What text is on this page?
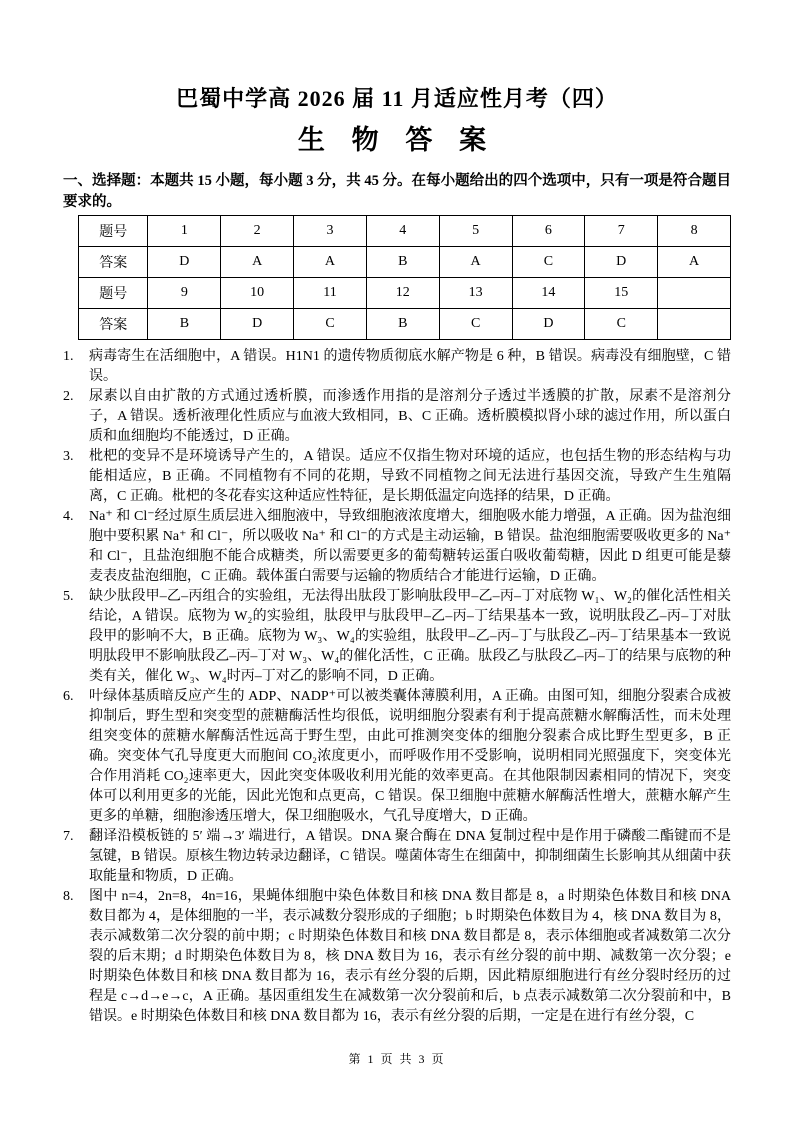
巴蜀中学高 2026 届 11 月适应性月考（四）
生 物 答 案

一、选择题：本题共 15 小题，每小题 3 分，共 45 分。在每小题给出的四个选项中，只有一项是符合题目要求的。

题号	1	2	3	4	5	6	7	8
答案	D	A	A	B	A	C	D	A
题号	9	10	11	12	13	14	15	
答案	B	D	C	B	C	D	C	
1. 病毒寄生在活细胞中，A 错误。H1N1 的遗传物质彻底水解产物是 6 种，B 错误。病毒没有细胞壁，C 错误。
2. 尿素以自由扩散的方式通过透析膜，而渗透作用指的是溶剂分子透过半透膜的扩散，尿素不是溶剂分子，A 错误。透析液理化性质应与血液大致相同，B、C 正确。透析膜模拟肾小球的滤过作用，所以蛋白质和血细胞均不能透过，D 正确。
3. 枇杷的变异不是环境诱导产生的，A 错误。适应不仅指生物对环境的适应，也包括生物的形态结构与功能相适应，B 正确。不同植物有不同的花期，导致不同植物之间无法进行基因交流，导致产生生殖隔离，C 正确。枇杷的冬花春实这种适应性特征，是长期低温定向选择的结果，D 正确。
4. Na⁺ 和 Cl⁻经过原生质层进入细胞液中，导致细胞液浓度增大，细胞吸水能力增强，A 正确。因为盐泡细胞中要积累 Na⁺ 和 Cl⁻，所以吸收 Na⁺ 和 Cl⁻的方式是主动运输，B 错误。盐泡细胞需要吸收更多的 Na⁺ 和 Cl⁻，且盐泡细胞不能合成糖类，所以需要更多的葡萄糖转运蛋白吸收葡萄糖，因此 D 组更可能是藜麦表皮盐泡细胞，C 正确。载体蛋白需要与运输的物质结合才能进行运输，D 正确。
5. 缺少肽段甲–乙–丙组合的实验组，无法得出肽段丁影响肽段甲–乙–丙–丁对底物 W₁、W₂的催化活性相关结论，A 错误。底物为 W₂的实验组，肽段甲与肽段甲–乙–丙–丁结果基本一致，说明肽段乙–丙–丁对肽段甲的影响不大，B 正确。底物为 W₃、W₄的实验组，肽段甲–乙–丙–丁与肽段乙–丙–丁结果基本一致说明肽段甲不影响肽段乙–丙–丁对 W₃、W₄的催化活性，C 正确。肽段乙与肽段乙–丙–丁的结果与底物的种类有关，催化 W₃、W₄时丙–丁对乙的影响不同，D 正确。
6. 叶绿体基质暗反应产生的 ADP、NADP⁺可以被类囊体薄膜利用，A 正确。由图可知，细胞分裂素合成被抑制后，野生型和突变型的蔗糖酶活性均很低，说明细胞分裂素有利于提高蔗糖水解酶活性，而未处理组突变体的蔗糖水解酶活性远高于野生型，由此可推测突变体的细胞分裂素合成比野生型更多，B 正确。突变体气孔导度更大而胞间 CO₂浓度更小，而呼吸作用不受影响，说明相同光照强度下，突变体光合作用消耗 CO₂速率更大，因此突变体吸收利用光能的效率更高。在其他限制因素相同的情况下，突变体可以利用更多的光能，因此光饱和点更高，C 错误。保卫细胞中蔗糖水解酶活性增大，蔗糖水解产生更多的单糖，细胞渗透压增大，保卫细胞吸水，气孔导度增大，D 正确。
7. 翻译沿模板链的 5′ 端→3′ 端进行，A 错误。DNA 聚合酶在 DNA 复制过程中是作用于磷酸二酯键而不是氢键，B 错误。原核生物边转录边翻译，C 错误。噬菌体寄生在细菌中，抑制细菌生长影响其从细菌中获取能量和物质，D 正确。
8. 图中 n=4，2n=8，4n=16，果蝇体细胞中染色体数目和核 DNA 数目都是 8，a 时期染色体数目和核 DNA 数目都为 4，是体细胞的一半，表示减数分裂形成的子细胞；b 时期染色体数目为 4，核 DNA 数目为 8，表示减数第二次分裂的前中期；c 时期染色体数目和核 DNA 数目都是 8，表示体细胞或者减数第二次分裂的后末期；d 时期染色体数目为 8，核 DNA 数目为 16，表示有丝分裂的前中期、减数第一次分裂；e 时期染色体数目和核 DNA 数目都为 16，表示有丝分裂的后期，因此精原细胞进行有丝分裂时经历的过程是 c→d→e→c，A 正确。基因重组发生在减数第一次分裂前和后，b 点表示减数第二次分裂前和中，B 错误。e 时期染色体数目和核 DNA 数目都为 16，表示有丝分裂的后期，一定是在进行有丝分裂，C
第 1 页 共 3 页
